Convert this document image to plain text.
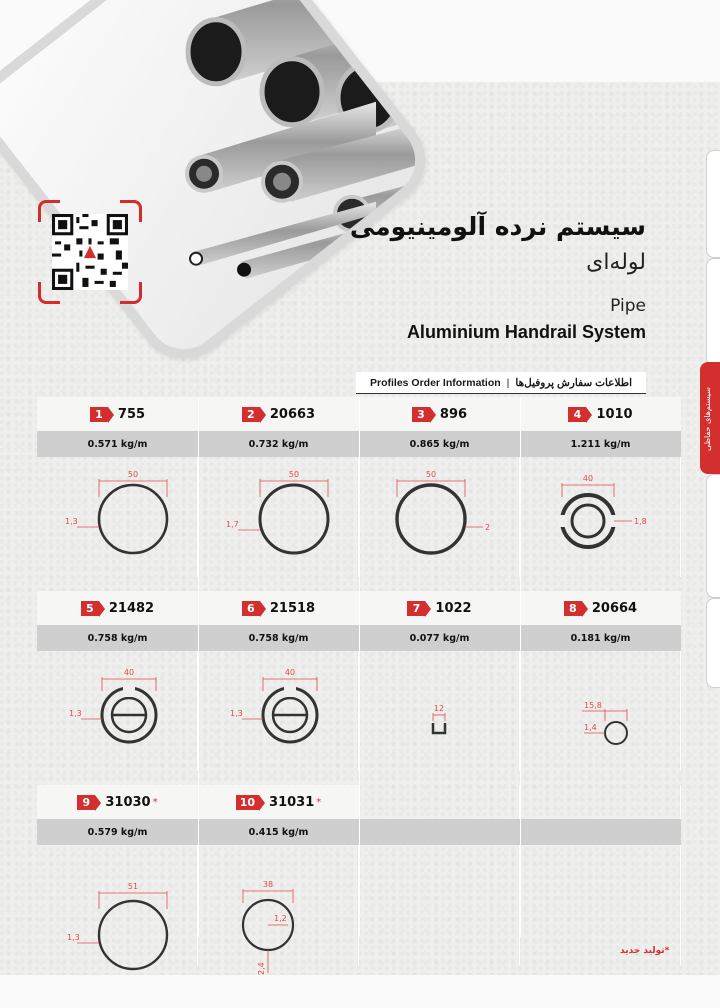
سیستم نرده آلومینیومی
لوله‌ای
Pipe
Aluminium Handrail System
سیستم‌های حفاظی
Profiles Order Information | اطلاعات سفارش پروفیل‌ها
1	755
0.571 kg/m
50
1,3
2	20663
0.732 kg/m
50
1,7
3	896
0.865 kg/m
50
2
4	1010
1.211 kg/m
40
1,8
5	21482
0.758 kg/m
40
1,3
6	21518
0.758 kg/m
40
1,3
7	1022
0.077 kg/m
12
8	20664
0.181 kg/m
15,8
1,4
9	31030 *
0.579 kg/m
51
1,3
10	31031 *
0.415 kg/m
38
1,2
2,4
*تولید جدید
